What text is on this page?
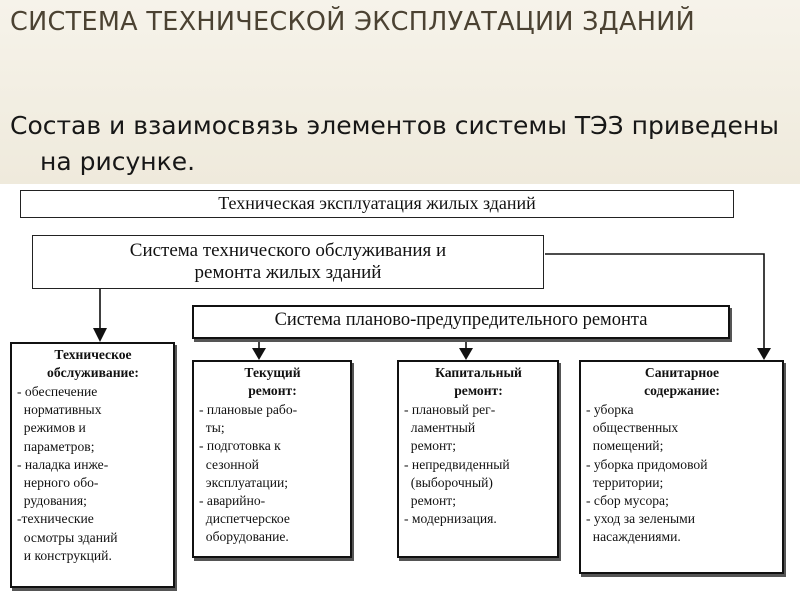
СИСТЕМА ТЕХНИЧЕСКОЙ ЭКСПЛУАТАЦИИ ЗДАНИЙ

Состав и взаимосвязь элементов системы ТЭЗ приведены на рисунке.

Техническая эксплуатация жилых зданий
Система технического обслуживания и
ремонта жилых зданий
Система планово-предупредительного ремонта
Техническое
обслуживание:
- обеспечение
нормативных
режимов и
параметров;
- наладка инже-
нерного обо-
рудования;
-технические
осмотры зданий
и конструкций.
Текущий
ремонт:
- плановые рабо-
ты;
- подготовка к
сезонной
эксплуатации;
- аварийно-
диспетчерское
оборудование.
Капитальный
ремонт:
- плановый рег-
ламентный
ремонт;
- непредвиденный
(выборочный)
ремонт;
- модернизация.
Санитарное
содержание:
- уборка
общественных
помещений;
- уборка придомовой
территории;
- сбор мусора;
- уход за зелеными
насаждениями.
